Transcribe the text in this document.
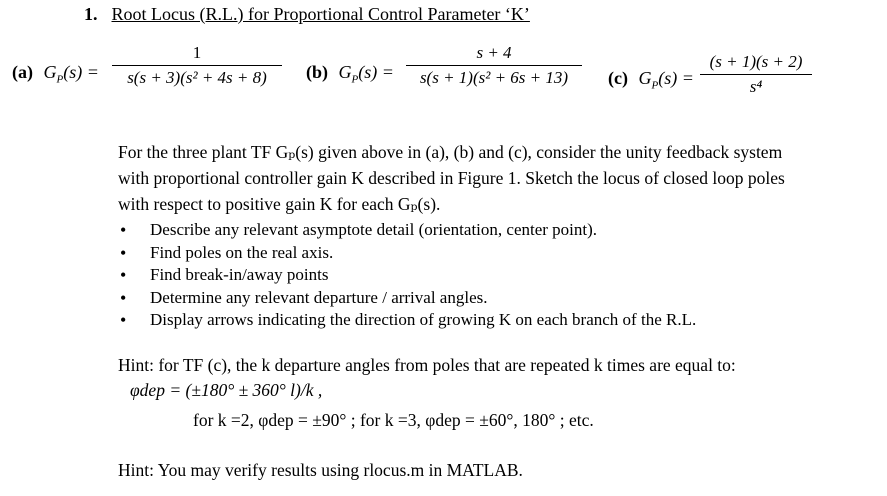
1. Root Locus (R.L.) for Proportional Control Parameter ‘K’
(a) $G_P(s)$ =
1
s(s + 3)(s² + 4s + 8)	(b) $G_P(s)$ =
s + 4
s(s + 1)(s² + 6s + 13)	(c) $G_P(s)$ =
(s + 1)(s + 2)
s⁴
For the three plant TF Gₚ(s) given above in (a), (b) and (c), consider the unity feedback system
with proportional controller gain K described in Figure 1. Sketch the locus of closed loop poles
with respect to positive gain K for each Gₚ(s).
• Describe any relevant asymptote detail (orientation, center point).
• Find poles on the real axis.
• Find break-in/away points
• Determine any relevant departure / arrival angles.
• Display arrows indicating the direction of growing K on each branch of the R.L.
Hint: for TF (c), the k departure angles from poles that are repeated k times are equal to:
φdep = (±180° ± 360° l)/k ,
for k =2, φdep = ±90° ; for k =3, φdep = ±60°, 180° ; etc.
Hint: You may verify results using rlocus.m in MATLAB.
